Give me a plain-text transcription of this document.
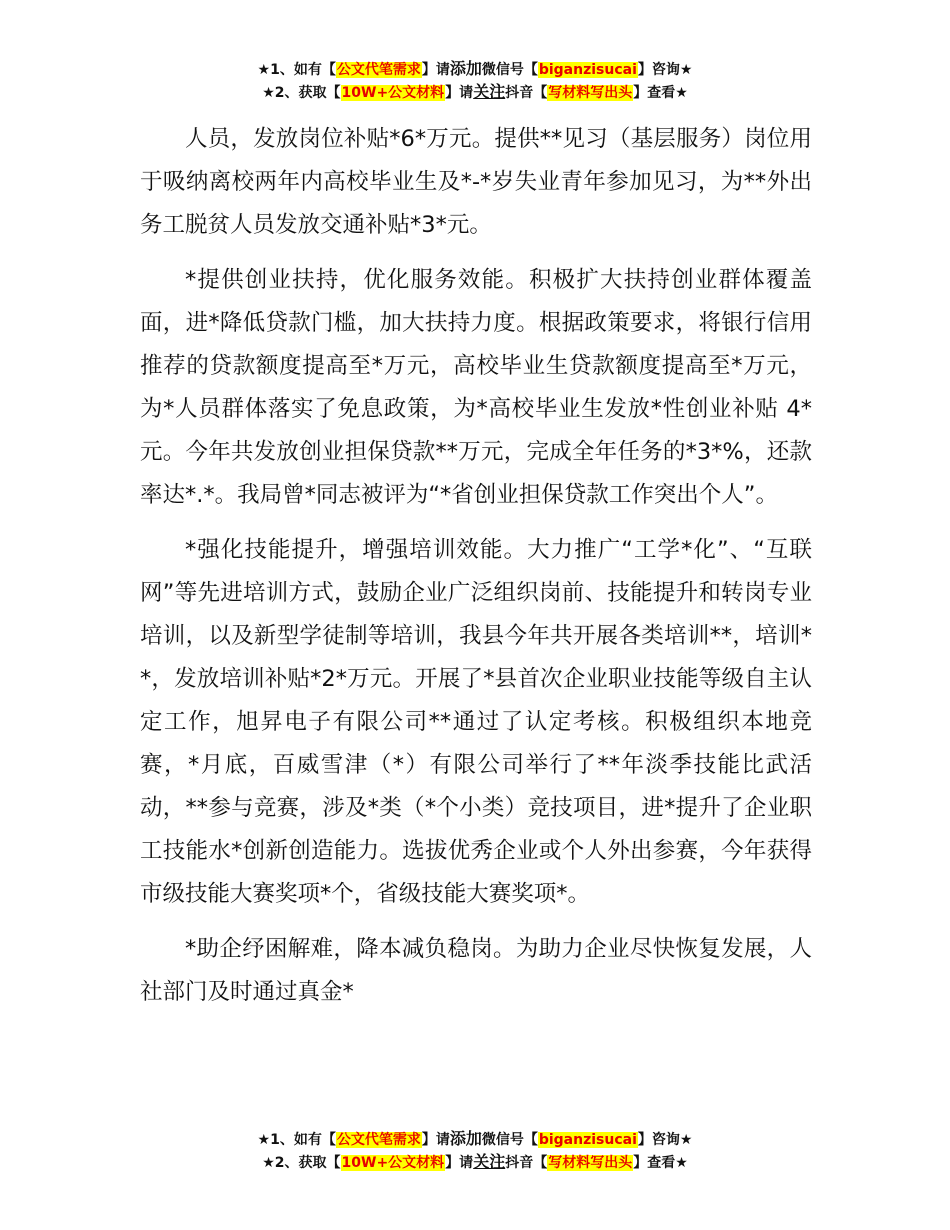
★1、如有【公文代笔需求】请添加微信号【biganzisucai】咨询★
★2、获取【10W+公文材料】请关注抖音【写材料写出头】查看★

人员，发放岗位补贴*6*万元。提供**见习（基层服务）岗位用于吸纳离校两年内高校毕业生及*-*岁失业青年参加见习，为**外出务工脱贫人员发放交通补贴*3*元。

*提供创业扶持，优化服务效能。积极扩大扶持创业群体覆盖面，进*降低贷款门槛，加大扶持力度。根据政策要求，将银行信用推荐的贷款额度提高至*万元，高校毕业生贷款额度提高至*万元，为*人员群体落实了免息政策，为*高校毕业生发放*性创业补贴 4*元。今年共发放创业担保贷款**万元，完成全年任务的*3*%，还款率达*.*。我局曾*同志被评为“*省创业担保贷款工作突出个人”。

*强化技能提升，增强培训效能。大力推广“工学*化”、“互联网”等先进培训方式，鼓励企业广泛组织岗前、技能提升和转岗专业培训，以及新型学徒制等培训，我县今年共开展各类培训**，培训**，发放培训补贴*2*万元。开展了*县首次企业职业技能等级自主认定工作，旭昇电子有限公司**通过了认定考核。积极组织本地竞赛，*月底，百威雪津（*）有限公司举行了**年淡季技能比武活动，**参与竞赛，涉及*类（*个小类）竞技项目，进*提升了企业职工技能水*创新创造能力。选拔优秀企业或个人外出参赛，今年获得市级技能大赛奖项*个，省级技能大赛奖项*。

*助企纾困解难，降本减负稳岗。为助力企业尽快恢复发展，人社部门及时通过真金*

★1、如有【公文代笔需求】请添加微信号【biganzisucai】咨询★
★2、获取【10W+公文材料】请关注抖音【写材料写出头】查看★
